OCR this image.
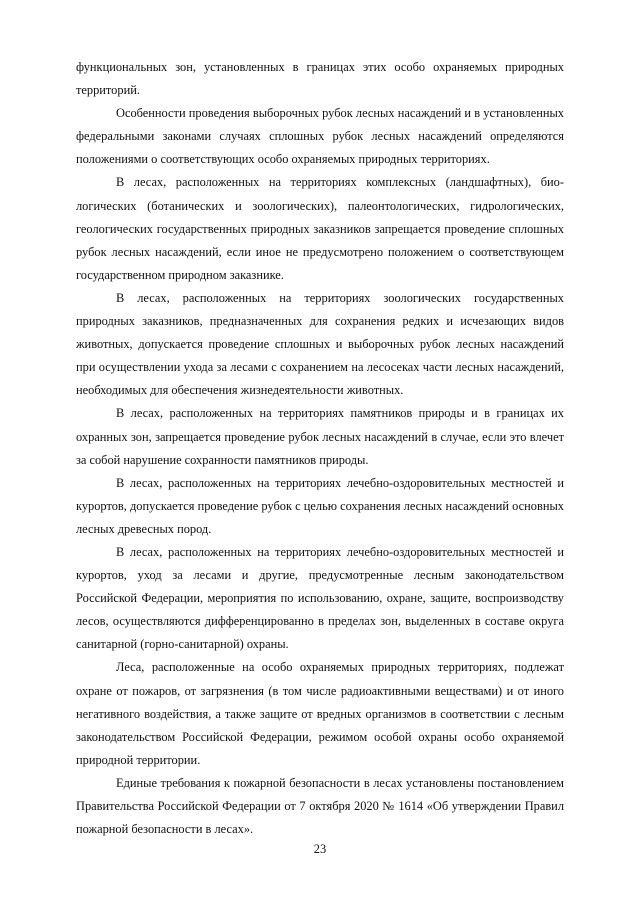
функциональных зон, установленных в границах этих особо охраняемых природных территорий.

Особенности проведения выборочных рубок лесных насаждений и в установленных федеральными законами случаях сплошных рубок лесных насаждений определяются положениями о соответствующих особо охраняемых природных территориях.

В лесах, расположенных на территориях комплексных (ландшафтных), биологических (ботанических и зоологических), палеонтологических, гидрологических, геологических государственных природных заказников запрещается проведение сплошных рубок лесных насаждений, если иное не предусмотрено положением о соответствующем государственном природном заказнике.

В лесах, расположенных на территориях зоологических государственных природных заказников, предназначенных для сохранения редких и исчезающих видов животных, допускается проведение сплошных и выборочных рубок лесных насаждений при осуществлении ухода за лесами с сохранением на лесосеках части лесных насаждений, необходимых для обеспечения жизнедеятельности животных.

В лесах, расположенных на территориях памятников природы и в границах их охранных зон, запрещается проведение рубок лесных насаждений в случае, если это влечет за собой нарушение сохранности памятников природы.

В лесах, расположенных на территориях лечебно-оздоровительных местностей и курортов, допускается проведение рубок с целью сохранения лесных насаждений основных лесных древесных пород.

В лесах, расположенных на территориях лечебно-оздоровительных местностей и курортов, уход за лесами и другие, предусмотренные лесным законодательством Российской Федерации, мероприятия по использованию, охране, защите, воспроизводству лесов, осуществляются дифференцированно в пределах зон, выделенных в составе округа санитарной (горно-санитарной) охраны.

Леса, расположенные на особо охраняемых природных территориях, подлежат охране от пожаров, от загрязнения (в том числе радиоактивными веществами) и от иного негативного воздействия, а также защите от вредных организмов в соответствии с лесным законодательством Российской Федерации, режимом особой охраны особо охраняемой природной территории.

Единые требования к пожарной безопасности в лесах установлены постановлением Правительства Российской Федерации от 7 октября 2020 № 1614 «Об утверждении Правил пожарной безопасности в лесах».

23
